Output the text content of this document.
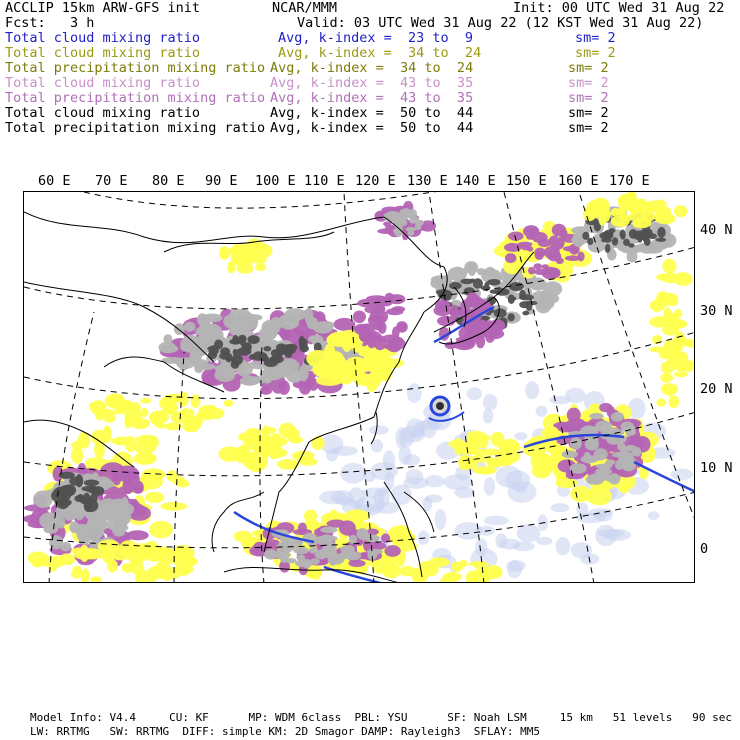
ACCLIP 15km ARW-GFS init	NCAR/MMM	Init: 00 UTC Wed 31 Aug 22
Fcst: 3 h	Valid: 03 UTC Wed 31 Aug 22 (12 KST Wed 31 Aug 22)
Total cloud mixing ratio	Avg, k-index =  23 to  9	sm= 2
Total cloud mixing ratio	Avg, k-index =  34 to  24	sm= 2
Total precipitation mixing ratio Avg, k-index =  34 to  24	sm= 2
Total cloud mixing ratio	Avg, k-index =  43 to  35	sm= 2
Total precipitation mixing ratio Avg, k-index =  43 to  35	sm= 2
Total cloud mixing ratio	Avg, k-index =  50 to  44	sm= 2
Total precipitation mixing ratio Avg, k-index =  50 to  44	sm= 2
60 E 70 E 80 E 90 E 100 E 110 E 120 E 130 E 140 E 150 E 160 E 170 E
40 N
30 N
20 N
10 N
0
Model Info: V4.4     CU: KF      MP: WDM 6class  PBL: YSU      SF: Noah LSM     15 km   51 levels   90 sec
LW: RRTMG   SW: RRTMG  DIFF: simple KM: 2D Smagor DAMP: Rayleigh3  SFLAY: MM5
